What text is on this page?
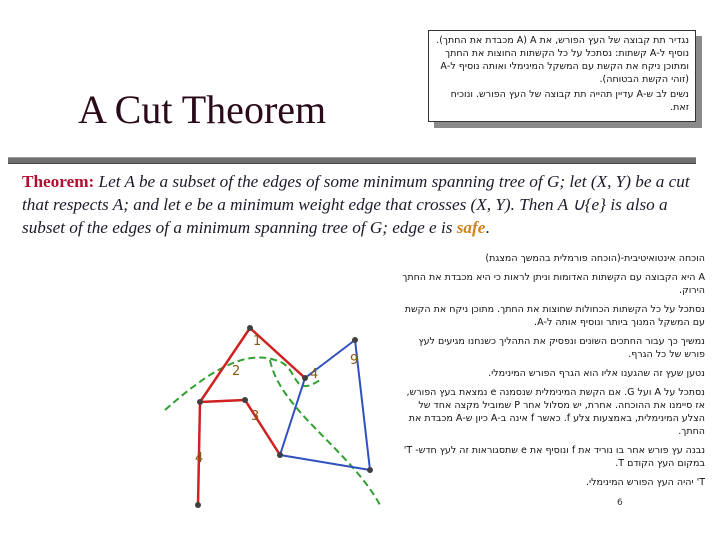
נגדיר תת קבוצה של העץ הפורש, את A) A מכבדת את החתך). נוסיף ל-A קשתות: נסתכל על כל הקשתות החוצות את החתך ומתוכן ניקח את הקשת עם המשקל המינימלי ואותה נוסיף ל-A (זוהי הקשת הבטוחה).

נשים לב ש-A עדיין תהייה תת קבוצה של העץ הפורש. ונוכיח זאת.

A Cut Theorem
Theorem: Let A be a subset of the edges of some minimum spanning tree of G; let (X, Y) be a cut that respects A; and let e be a minimum weight edge that crosses (X, Y). Then A ∪{e} is also a subset of the edges of a minimum spanning tree of G; edge e is safe.

הוכחה אינטואיטיבית-(הוכחה פורמלית בהמשך המצגת)

A היא הקבוצה עם הקשתות האדומות וניתן לראות כי היא מכבדת את החתך הירוק.

נסתכל על כל הקשתות הכחולות שחוצות את החתך. מתוכן ניקח את הקשת עם המשקל המנוך ביותר ונוסיף אותה ל-A.

נמשיך כך עבור החתכים השונים ונפסיק את התהליך כשנחנו מגיעים לעץ פורש של כל הגרף.

נטען שעץ זה שהגענו אליו הוא הגרף הפורש המינימלי.

נסתכל על A ועל G. אם הקשת המינימלית שנסמנה e נמצאת בעץ הפורש, אז סיימנו את ההוכחה. אחרת, יש מסלול אחר P שמוביל מקצה אחד של הצלע המינימלית, באמצעות צלע f. כאשר f אינה ב-A כיון ש-A מכבדת את החתך.

נבנה עץ פורש אחר בו נוריד את f ונוסיף את e שתסגוראות זה לעץ חדש- T' במקום העץ הקודם T.

T' יהיה העץ הפורש המינימלי.

6
1
2	4
9
3
4
